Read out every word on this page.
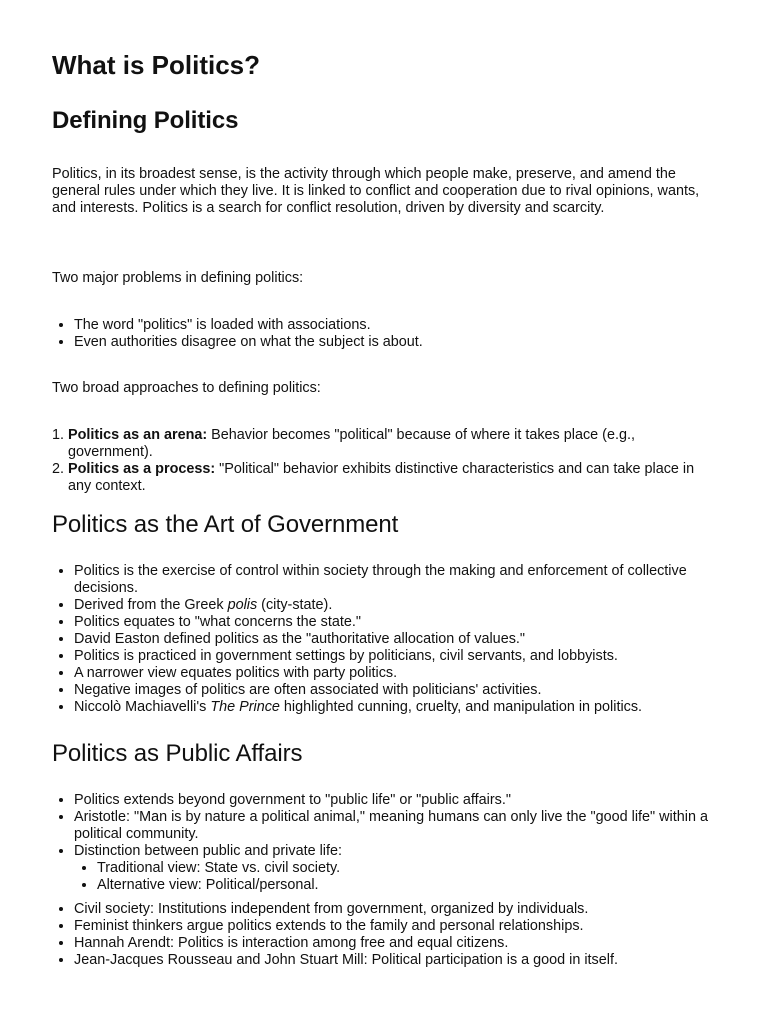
What is Politics?
Defining Politics

Politics, in its broadest sense, is the activity through which people make, preserve, and amend the general rules under which they live. It is linked to conflict and cooperation due to rival opinions, wants, and interests. Politics is a search for conflict resolution, driven by diversity and scarcity.

Two major problems in defining politics:

• The word "politics" is loaded with associations.
• Even authorities disagree on what the subject is about.

Two broad approaches to defining politics:

1. Politics as an arena: Behavior becomes "political" because of where it takes place (e.g., government).
2. Politics as a process: "Political" behavior exhibits distinctive characteristics and can take place in any context.
Politics as the Art of Government
• Politics is the exercise of control within society through the making and enforcement of collective decisions.
• Derived from the Greek polis (city-state).
• Politics equates to "what concerns the state."
• David Easton defined politics as the "authoritative allocation of values."
• Politics is practiced in government settings by politicians, civil servants, and lobbyists.
• A narrower view equates politics with party politics.
• Negative images of politics are often associated with politicians' activities.
• Niccolò Machiavelli's The Prince highlighted cunning, cruelty, and manipulation in politics.
Politics as Public Affairs
• Politics extends beyond government to "public life" or "public affairs."
• Aristotle: "Man is by nature a political animal," meaning humans can only live the "good life" within a political community.
• Distinction between public and private life:
• Traditional view: State vs. civil society.
• Alternative view: Political/personal.
• Civil society: Institutions independent from government, organized by individuals.
• Feminist thinkers argue politics extends to the family and personal relationships.
• Hannah Arendt: Politics is interaction among free and equal citizens.
• Jean-Jacques Rousseau and John Stuart Mill: Political participation is a good in itself.
